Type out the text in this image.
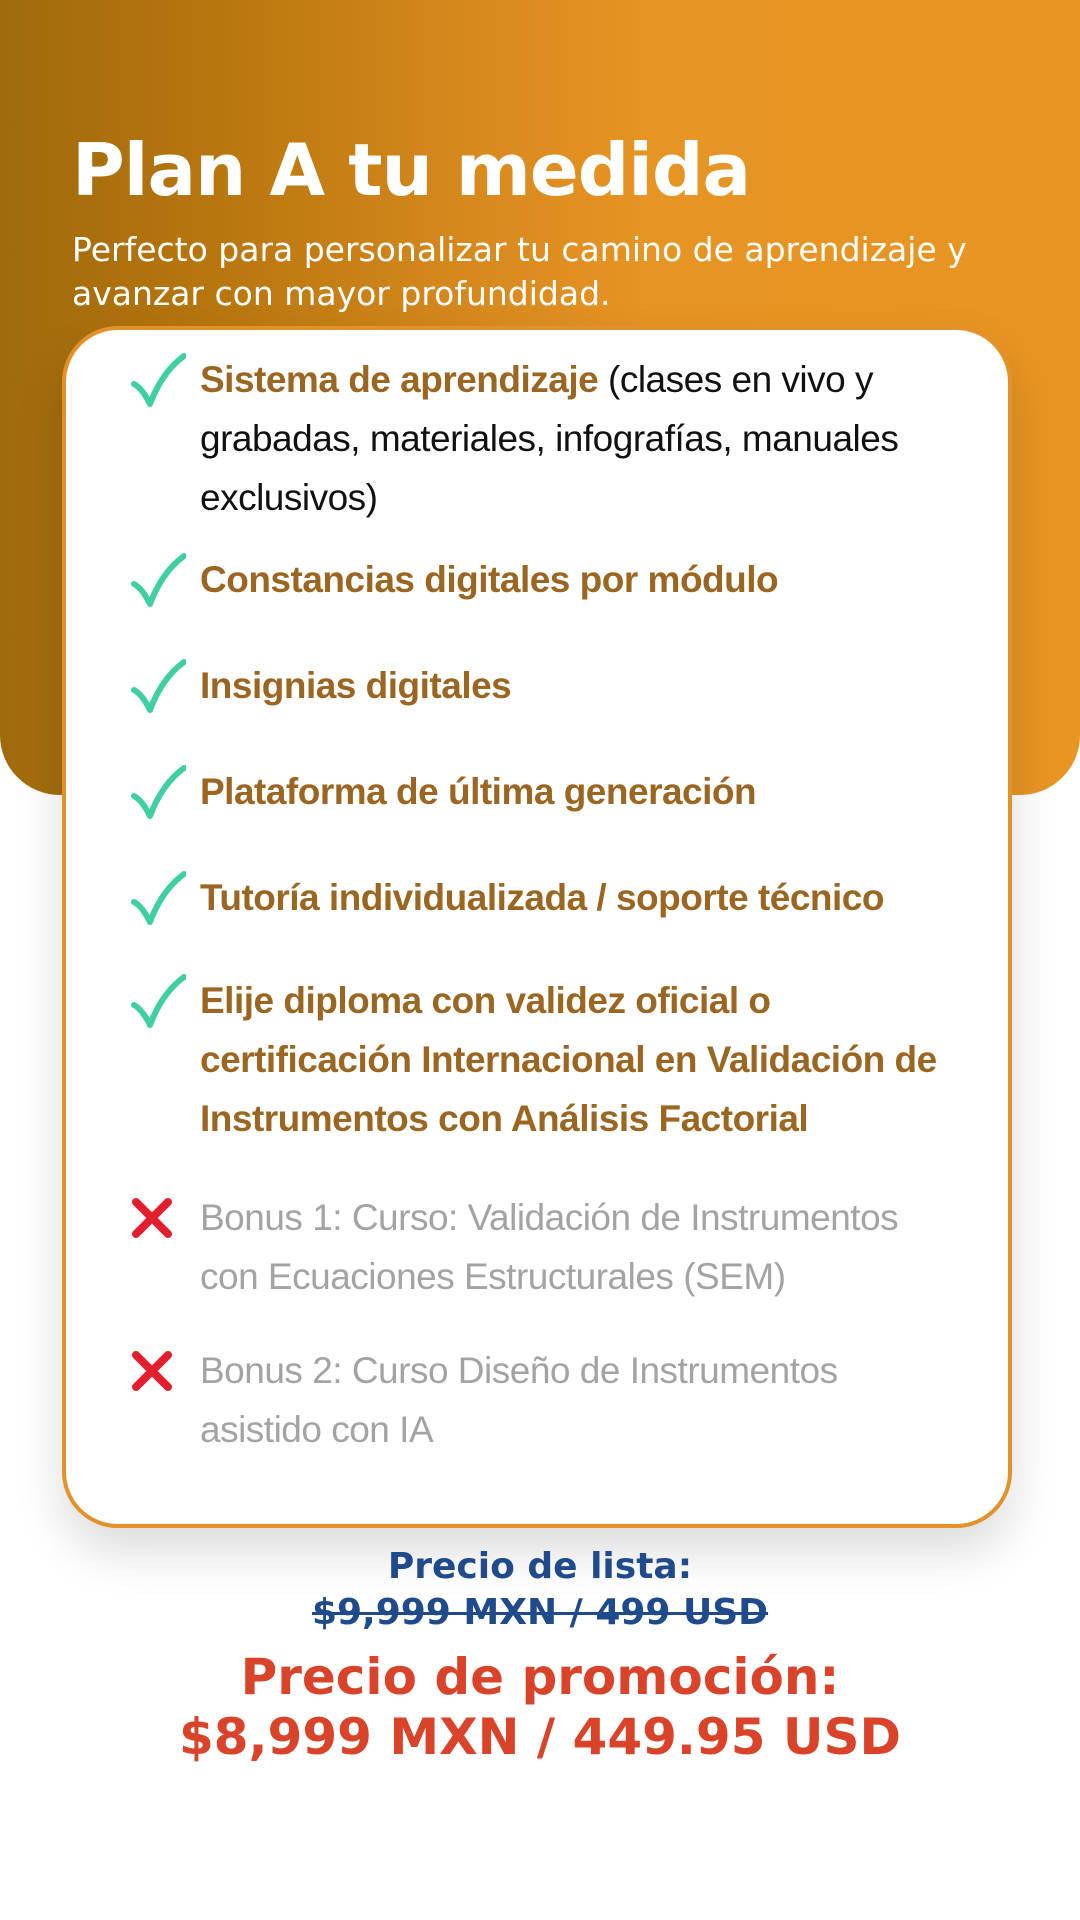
Plan A tu medida

Perfecto para personalizar tu camino de aprendizaje y avanzar con mayor profundidad.

Sistema de aprendizaje (clases en vivo y grabadas, materiales, infografías, manuales exclusivos)
Constancias digitales por módulo
Insignias digitales
Plataforma de última generación
Tutoría individualizada / soporte técnico
Elije diploma con validez oficial o certificación Internacional en Validación de Instrumentos con Análisis Factorial
Bonus 1: Curso: Validación de Instrumentos con Ecuaciones Estructurales (SEM)
Bonus 2: Curso Diseño de Instrumentos asistido con IA
Precio de lista:
$9,999 MXN / 499 USD
Precio de promoción:
$8,999 MXN / 449.95 USD
